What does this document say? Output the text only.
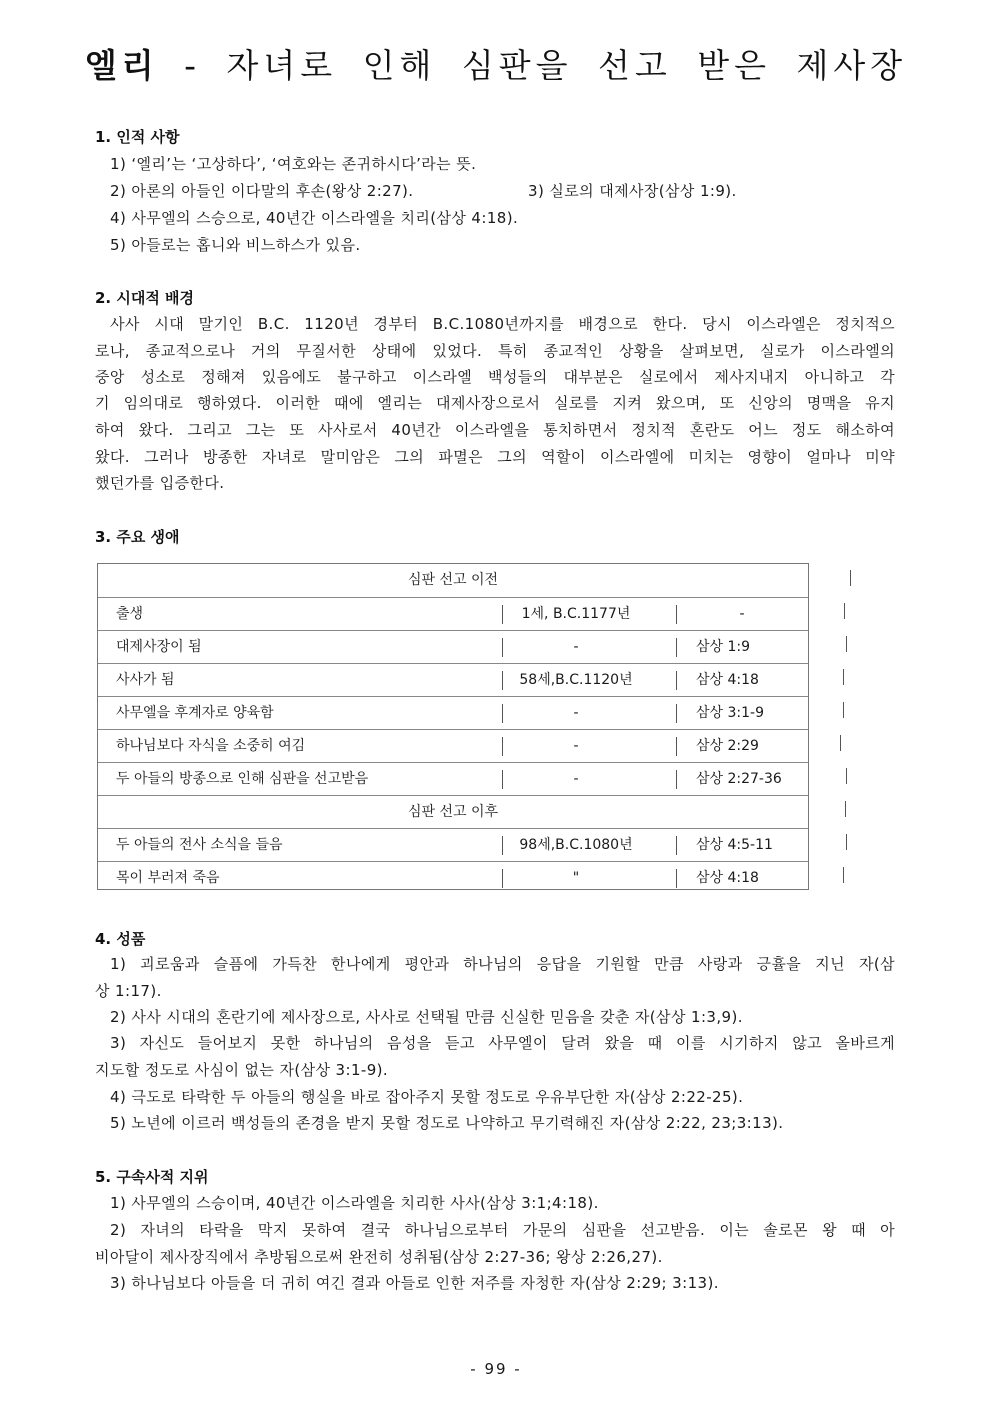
엘리 - 자녀로 인해 심판을 선고 받은 제사장
1. 인적 사항
1) ‘엘리’는 ‘고상하다’, ‘여호와는 존귀하시다’라는 뜻.
2) 아론의 아들인 이다말의 후손(왕상 2:27).	3) 실로의 대제사장(삼상 1:9).
4) 사무엘의 스승으로, 40년간 이스라엘을 치리(삼상 4:18).
5) 아들로는 홉니와 비느하스가 있음.
2. 시대적 배경
사사 시대 말기인 B.C. 1120년 경부터 B.C.1080년까지를 배경으로 한다. 당시 이스라엘은 정치적으
로나, 종교적으로나 거의 무질서한 상태에 있었다. 특히 종교적인 상황을 살펴보면, 실로가 이스라엘의
중앙 성소로 정해져 있음에도 불구하고 이스라엘 백성들의 대부분은 실로에서 제사지내지 아니하고 각
기 임의대로 행하였다. 이러한 때에 엘리는 대제사장으로서 실로를 지켜 왔으며, 또 신앙의 명맥을 유지
하여 왔다. 그리고 그는 또 사사로서 40년간 이스라엘을 통치하면서 정치적 혼란도 어느 정도 해소하여
왔다. 그러나 방종한 자녀로 말미암은 그의 파멸은 그의 역할이 이스라엘에 미치는 영향이 얼마나 미약
했던가를 입증한다.
3. 주요 생애
심판 선고 이전
출생	1세, B.C.1177년	-
대제사장이 됨	-	삼상 1:9
사사가 됨	58세,B.C.1120년	삼상 4:18
사무엘을 후계자로 양육함	-	삼상 3:1-9
하나님보다 자식을 소중히 여김	-	삼상 2:29
두 아들의 방종으로 인해 심판을 선고받음	-	삼상 2:27-36
심판 선고 이후
두 아들의 전사 소식을 들음	98세,B.C.1080년	삼상 4:5-11
목이 부러져 죽음	"	삼상 4:18
4. 성품
1) 괴로움과 슬픔에 가득찬 한나에게 평안과 하나님의 응답을 기원할 만큼 사랑과 긍휼을 지닌 자(삼
상 1:17).
2) 사사 시대의 혼란기에 제사장으로, 사사로 선택될 만큼 신실한 믿음을 갖춘 자(삼상 1:3,9).
3) 자신도 들어보지 못한 하나님의 음성을 듣고 사무엘이 달려 왔을 때 이를 시기하지 않고 올바르게
지도할 정도로 사심이 없는 자(삼상 3:1-9).
4) 극도로 타락한 두 아들의 행실을 바로 잡아주지 못할 정도로 우유부단한 자(삼상 2:22-25).
5) 노년에 이르러 백성들의 존경을 받지 못할 정도로 나약하고 무기력해진 자(삼상 2:22, 23;3:13).
5. 구속사적 지위
1) 사무엘의 스승이며, 40년간 이스라엘을 치리한 사사(삼상 3:1;4:18).
2) 자녀의 타락을 막지 못하여 결국 하나님으로부터 가문의 심판을 선고받음. 이는 솔로몬 왕 때 아
비아달이 제사장직에서 추방됨으로써 완전히 성취됨(삼상 2:27-36; 왕상 2:26,27).
3) 하나님보다 아들을 더 귀히 여긴 결과 아들로 인한 저주를 자청한 자(삼상 2:29; 3:13).
- 99 -
